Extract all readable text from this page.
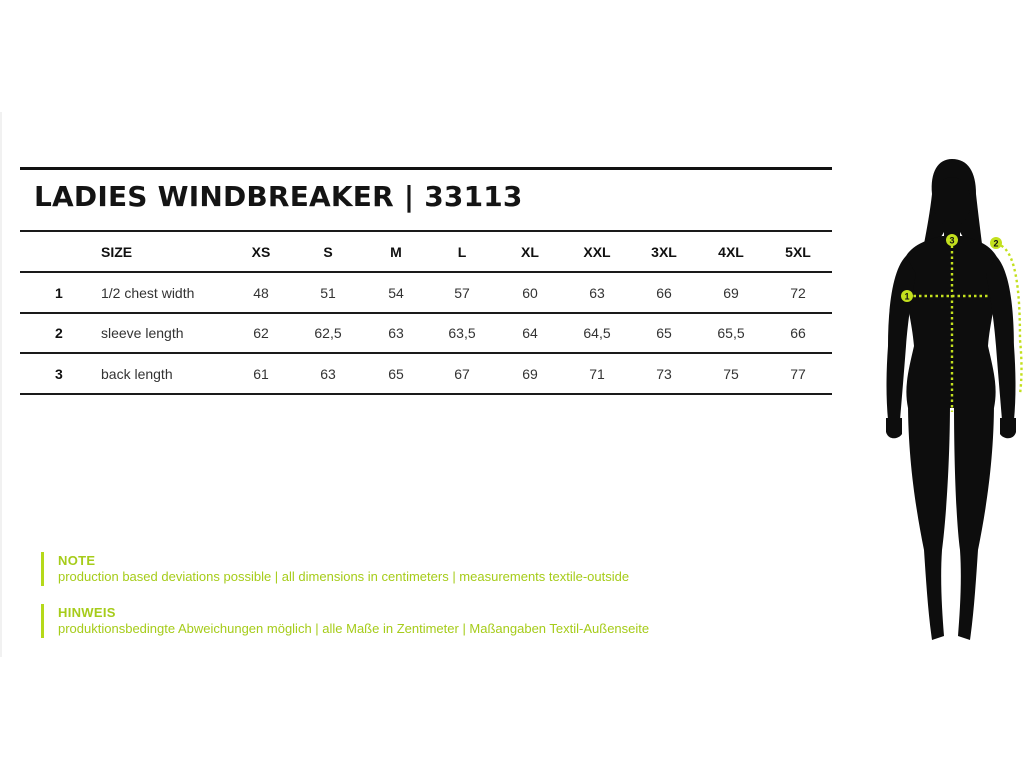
LADIES WINDBREAKER | 33113
SIZE	XS	S	M	L	XL	XXL	3XL	4XL	5XL
1	1/2 chest width	48	51	54	57	60	63	66	69	72
2	sleeve length	62	62,5	63	63,5	64	64,5	65	65,5	66
3	back length	61	63	65	67	69	71	73	75	77
NOTE
production based deviations possible | all dimensions in centimeters | measurements textile-outside
HINWEIS
produktionsbedingte Abweichungen möglich | alle Maße in Zentimeter | Maßangaben Textil-Außenseite
1
2
3
